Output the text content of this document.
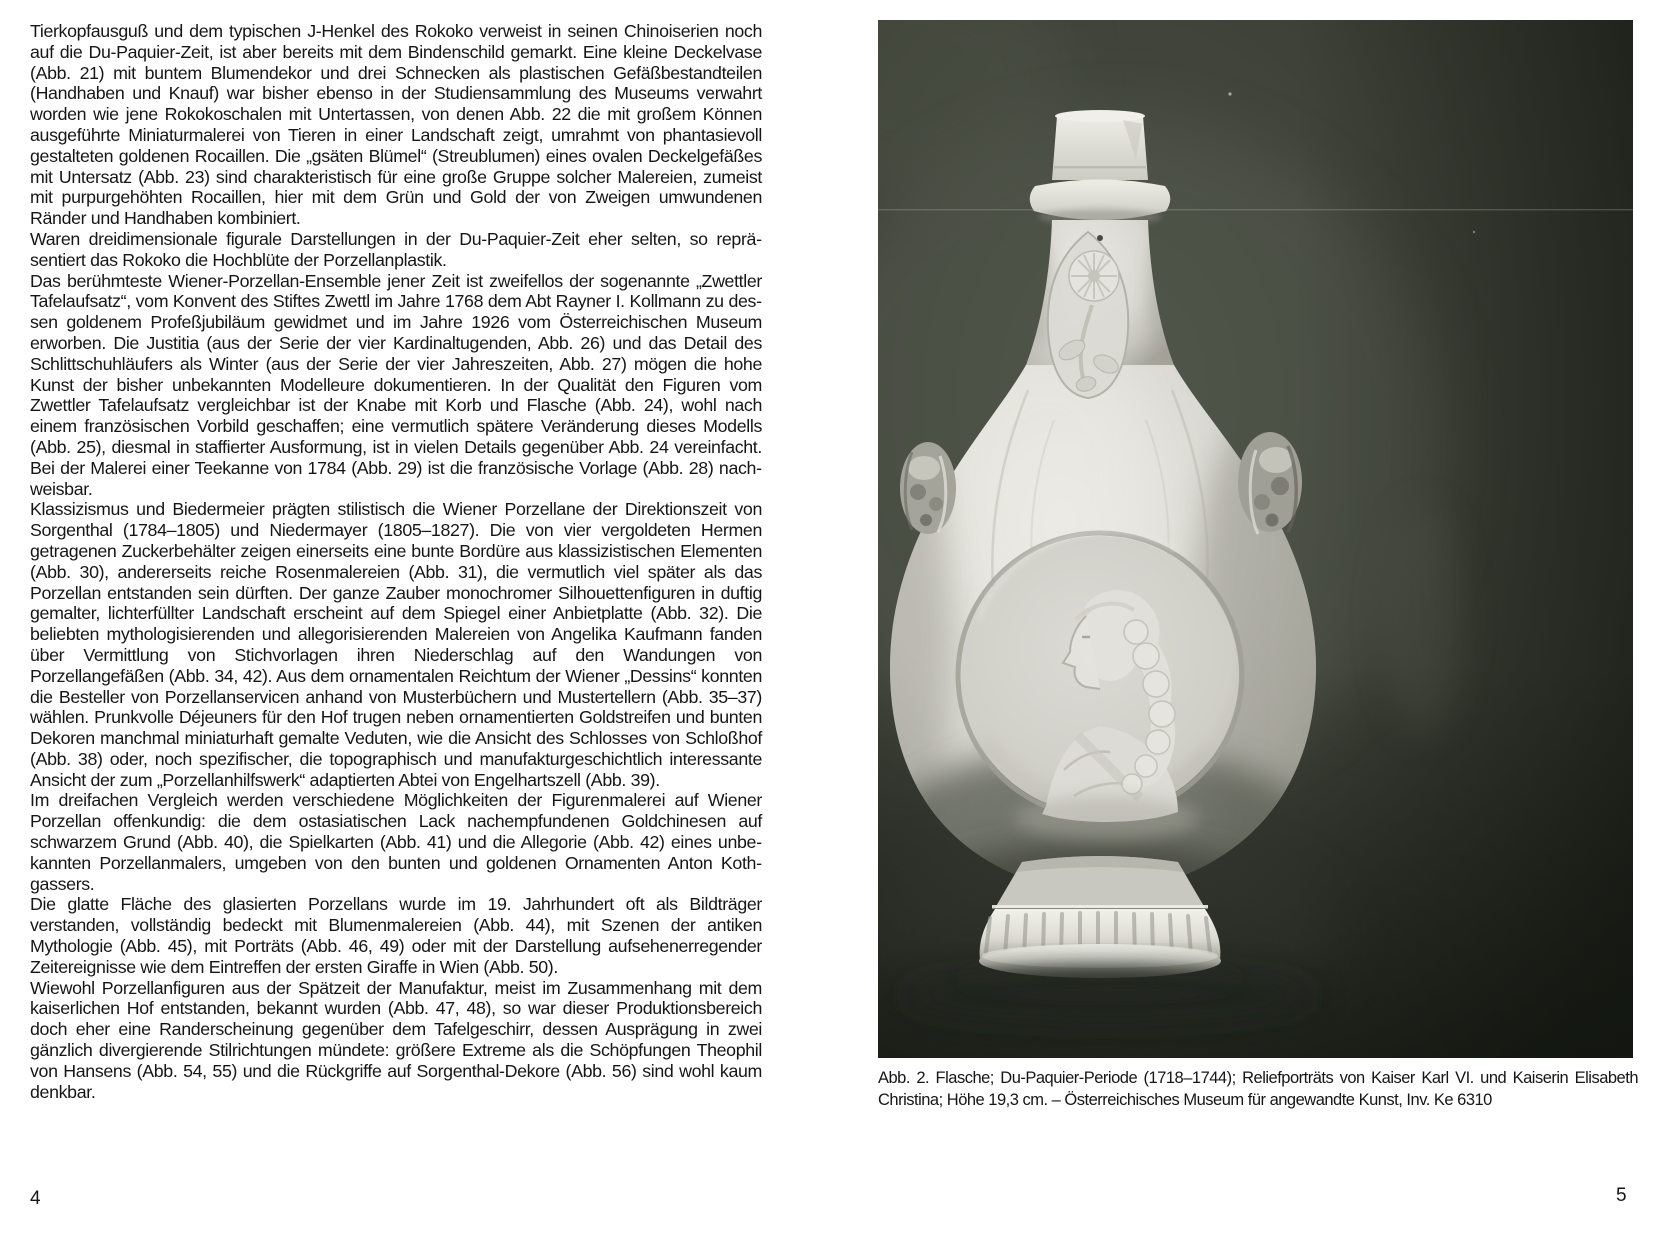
Tierkopfausguß und dem typischen J-Henkel des Rokoko verweist in seinen Chinoiserien noch auf die Du-Paquier-Zeit, ist aber bereits mit dem Bindenschild gemarkt. Eine kleine Deckelvase (Abb. 21) mit buntem Blumendekor und drei Schnecken als plastischen Gefäßbestandteilen (Handhaben und Knauf) war bisher ebenso in der Studiensammlung des Museums verwahrt worden wie jene Rokokoschalen mit Untertassen, von denen Abb. 22 die mit großem Können ausgeführte Miniaturmalerei von Tieren in einer Landschaft zeigt, umrahmt von phantasievoll gestalteten goldenen Rocaillen. Die „gsäten Blümel“ (Streublumen) eines ovalen Deckelgefäßes mit Untersatz (Abb. 23) sind charakteristisch für eine große Gruppe solcher Malereien, zumeist mit purpurgehöhten Rocaillen, hier mit dem Grün und Gold der von Zweigen umwundenen Ränder und Handhaben kombiniert.

Waren dreidimensionale figurale Darstellungen in der Du-Paquier-Zeit eher selten, so repräsentiert das Rokoko die Hochblüte der Porzellanplastik.

Das berühmteste Wiener-Porzellan-Ensemble jener Zeit ist zweifellos der sogenannte „Zwettler Tafelaufsatz“, vom Konvent des Stiftes Zwettl im Jahre 1768 dem Abt Rayner I. Kollmann zu dessen goldenem Profeßjubiläum gewidmet und im Jahre 1926 vom Österreichischen Museum erworben. Die Justitia (aus der Serie der vier Kardinaltugenden, Abb. 26) und das Detail des Schlittschuhläufers als Winter (aus der Serie der vier Jahreszeiten, Abb. 27) mögen die hohe Kunst der bisher unbekannten Modelleure dokumentieren. In der Qualität den Figuren vom Zwettler Tafelaufsatz vergleichbar ist der Knabe mit Korb und Flasche (Abb. 24), wohl nach einem französischen Vorbild geschaffen; eine vermutlich spätere Veränderung dieses Modells (Abb. 25), diesmal in staffierter Ausformung, ist in vielen Details gegenüber Abb. 24 vereinfacht. Bei der Malerei einer Teekanne von 1784 (Abb. 29) ist die französische Vorlage (Abb. 28) nachweisbar.

Klassizismus und Biedermeier prägten stilistisch die Wiener Porzellane der Direktionszeit von Sorgenthal (1784–1805) und Niedermayer (1805–1827). Die von vier vergoldeten Hermen getragenen Zuckerbehälter zeigen einerseits eine bunte Bordüre aus klassizistischen Elementen (Abb. 30), andererseits reiche Rosenmalereien (Abb. 31), die vermutlich viel später als das Porzellan entstanden sein dürften. Der ganze Zauber monochromer Silhouettenfiguren in duftig gemalter, lichterfüllter Landschaft erscheint auf dem Spiegel einer Anbietplatte (Abb. 32). Die beliebten mythologisierenden und allegorisierenden Malereien von Angelika Kaufmann fanden über Vermittlung von Stichvorlagen ihren Niederschlag auf den Wandungen von Porzellangefäßen (Abb. 34, 42). Aus dem ornamentalen Reichtum der Wiener „Dessins“ konnten die Besteller von Porzellanservicen anhand von Musterbüchern und Mustertellern (Abb. 35–37) wählen. Prunkvolle Déjeuners für den Hof trugen neben ornamentierten Goldstreifen und bunten Dekoren manchmal miniaturhaft gemalte Veduten, wie die Ansicht des Schlosses von Schloßhof (Abb. 38) oder, noch spezifischer, die topographisch und manufakturgeschichtlich interessante Ansicht der zum „Porzellanhilfswerk“ adaptierten Abtei von Engelhartszell (Abb. 39).

Im dreifachen Vergleich werden verschiedene Möglichkeiten der Figurenmalerei auf Wiener Porzellan offenkundig: die dem ostasiatischen Lack nachempfundenen Goldchinesen auf schwarzem Grund (Abb. 40), die Spielkarten (Abb. 41) und die Allegorie (Abb. 42) eines unbekannten Porzellanmalers, umgeben von den bunten und goldenen Ornamenten Anton Kothgassers.

Die glatte Fläche des glasierten Porzellans wurde im 19. Jahrhundert oft als Bildträger verstanden, vollständig bedeckt mit Blumenmalereien (Abb. 44), mit Szenen der antiken Mythologie (Abb. 45), mit Porträts (Abb. 46, 49) oder mit der Darstellung aufsehenerregender Zeitereignisse wie dem Eintreffen der ersten Giraffe in Wien (Abb. 50).

Wiewohl Porzellanfiguren aus der Spätzeit der Manufaktur, meist im Zusammenhang mit dem kaiserlichen Hof entstanden, bekannt wurden (Abb. 47, 48), so war dieser Produktionsbereich doch eher eine Randerscheinung gegenüber dem Tafelgeschirr, dessen Ausprägung in zwei gänzlich divergierende Stilrichtungen mündete: größere Extreme als die Schöpfungen Theophil von Hansens (Abb. 54, 55) und die Rückgriffe auf Sorgenthal-Dekore (Abb. 56) sind wohl kaum denkbar.

Abb. 2. Flasche; Du-Paquier-Periode (1718–1744); Reliefporträts von Kaiser Karl VI. und Kaiserin Elisabeth Christina; Höhe 19,3 cm. – Österreichisches Museum für angewandte Kunst, Inv. Ke 6310
4	5
